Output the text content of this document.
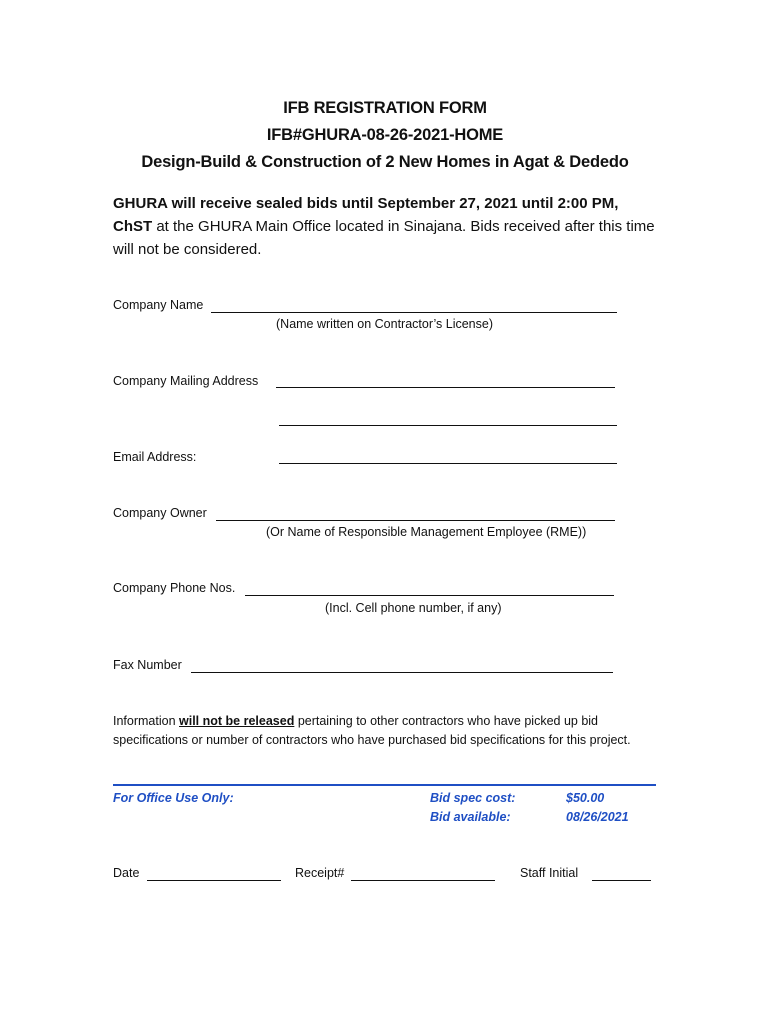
IFB REGISTRATION FORM
IFB#GHURA-08-26-2021-HOME
Design-Build & Construction of 2 New Homes in Agat & Dededo
GHURA will receive sealed bids until September 27, 2021 until 2:00 PM,
ChST at the GHURA Main Office located in Sinajana. Bids received after this time will not be considered.
Company Name
(Name written on Contractor’s License)
Company Mailing Address
Email Address:
Company Owner
(Or Name of Responsible Management Employee (RME))
Company Phone Nos.
(Incl. Cell phone number, if any)
Fax Number
Information will not be released pertaining to other contractors who have picked up bid specifications or number of contractors who have purchased bid specifications for this project.
For Office Use Only:	Bid spec cost:	$50.00
Bid available:	08/26/2021
Date	Receipt#	Staff Initial
